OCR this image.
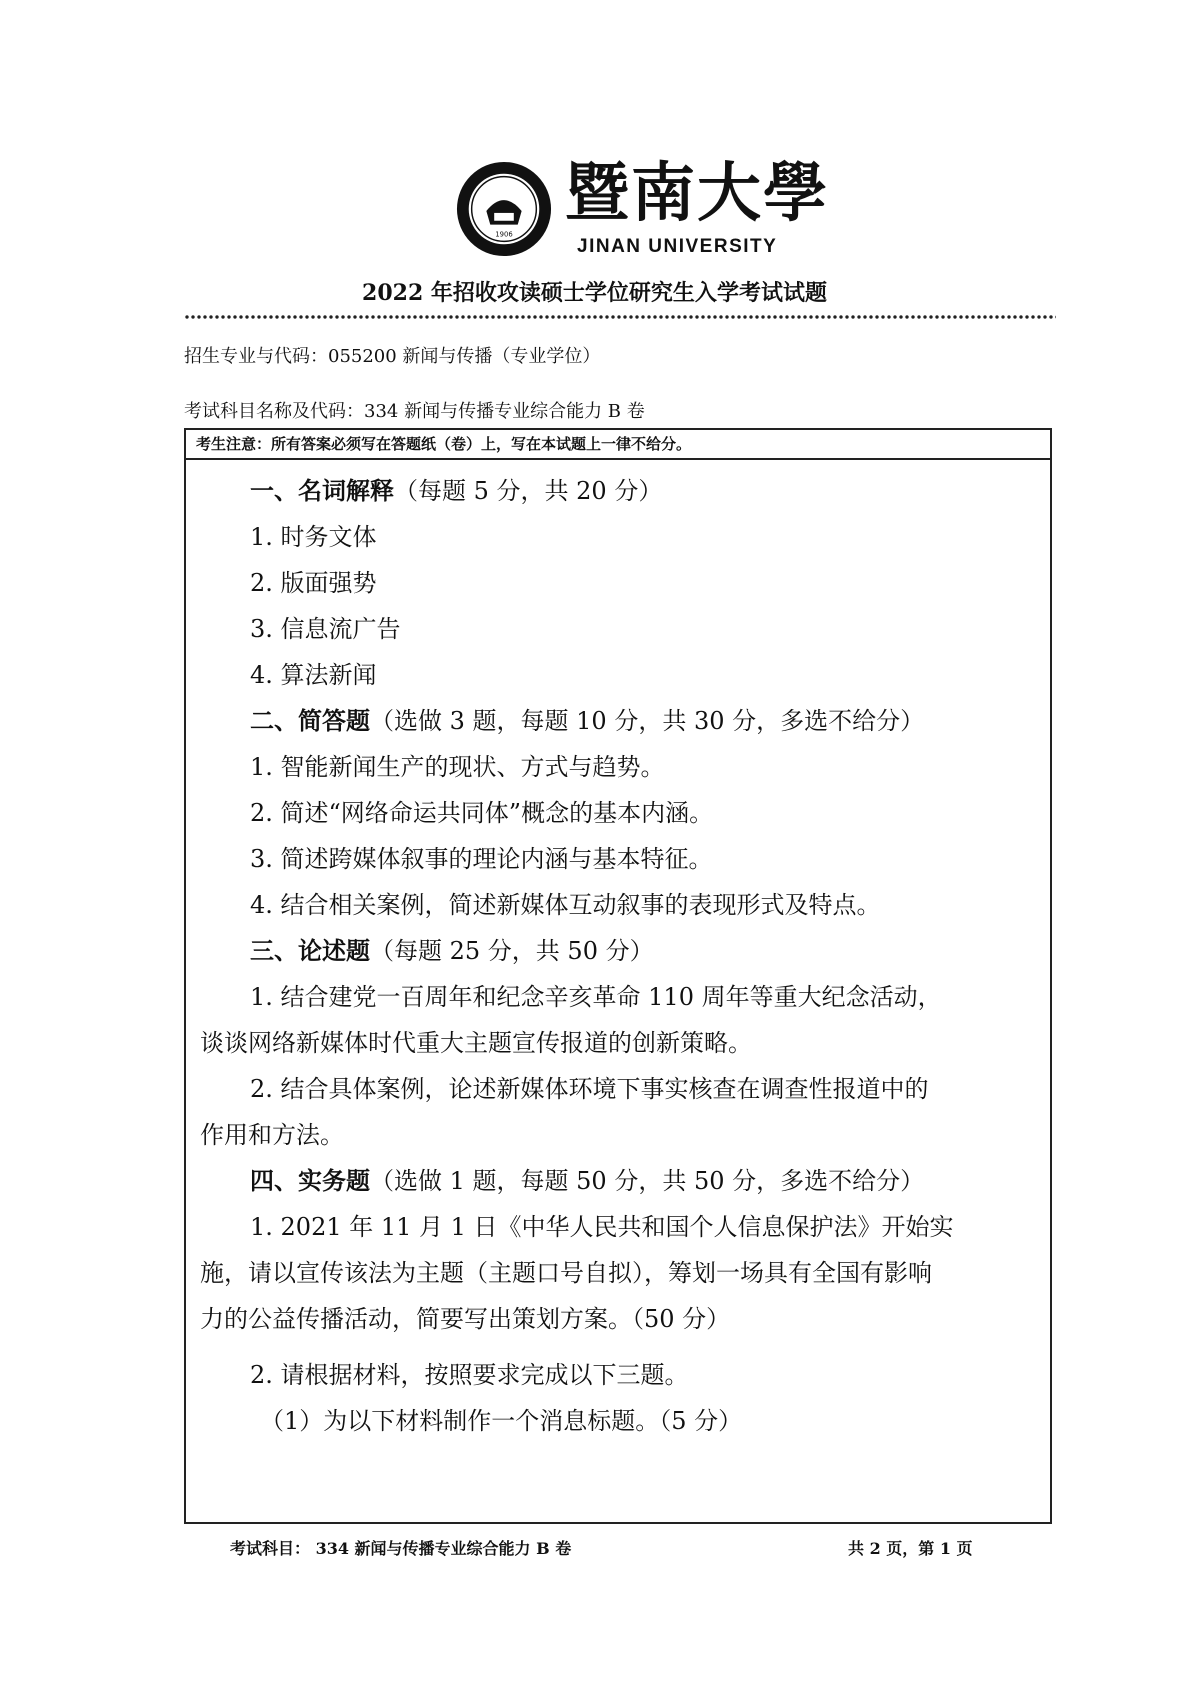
1906
暨南大學
JINAN UNIVERSITY
2022 年招收攻读硕士学位研究生入学考试试题
招生专业与代码：055200 新闻与传播（专业学位）
考试科目名称及代码：334 新闻与传播专业综合能力 B 卷
考生注意：所有答案必须写在答题纸（卷）上，写在本试题上一律不给分。
一、名词解释（每题 5 分，共 20 分）
1. 时务文体
2. 版面强势
3. 信息流广告
4. 算法新闻
二、简答题（选做 3 题，每题 10 分，共 30 分，多选不给分）
1. 智能新闻生产的现状、方式与趋势。
2. 简述“网络命运共同体”概念的基本内涵。
3. 简述跨媒体叙事的理论内涵与基本特征。
4. 结合相关案例，简述新媒体互动叙事的表现形式及特点。
三、论述题（每题 25 分，共 50 分）
1. 结合建党一百周年和纪念辛亥革命 110 周年等重大纪念活动，
谈谈网络新媒体时代重大主题宣传报道的创新策略。
2. 结合具体案例，论述新媒体环境下事实核查在调查性报道中的
作用和方法。
四、实务题（选做 1 题，每题 50 分，共 50 分，多选不给分）
1. 2021 年 11 月 1 日《中华人民共和国个人信息保护法》开始实
施，请以宣传该法为主题（主题口号自拟），筹划一场具有全国有影响
力的公益传播活动，简要写出策划方案。（50 分）
2. 请根据材料，按照要求完成以下三题。
（1）为以下材料制作一个消息标题。（5 分）
考试科目： 334 新闻与传播专业综合能力 B 卷	共 2 页，第 1 页
